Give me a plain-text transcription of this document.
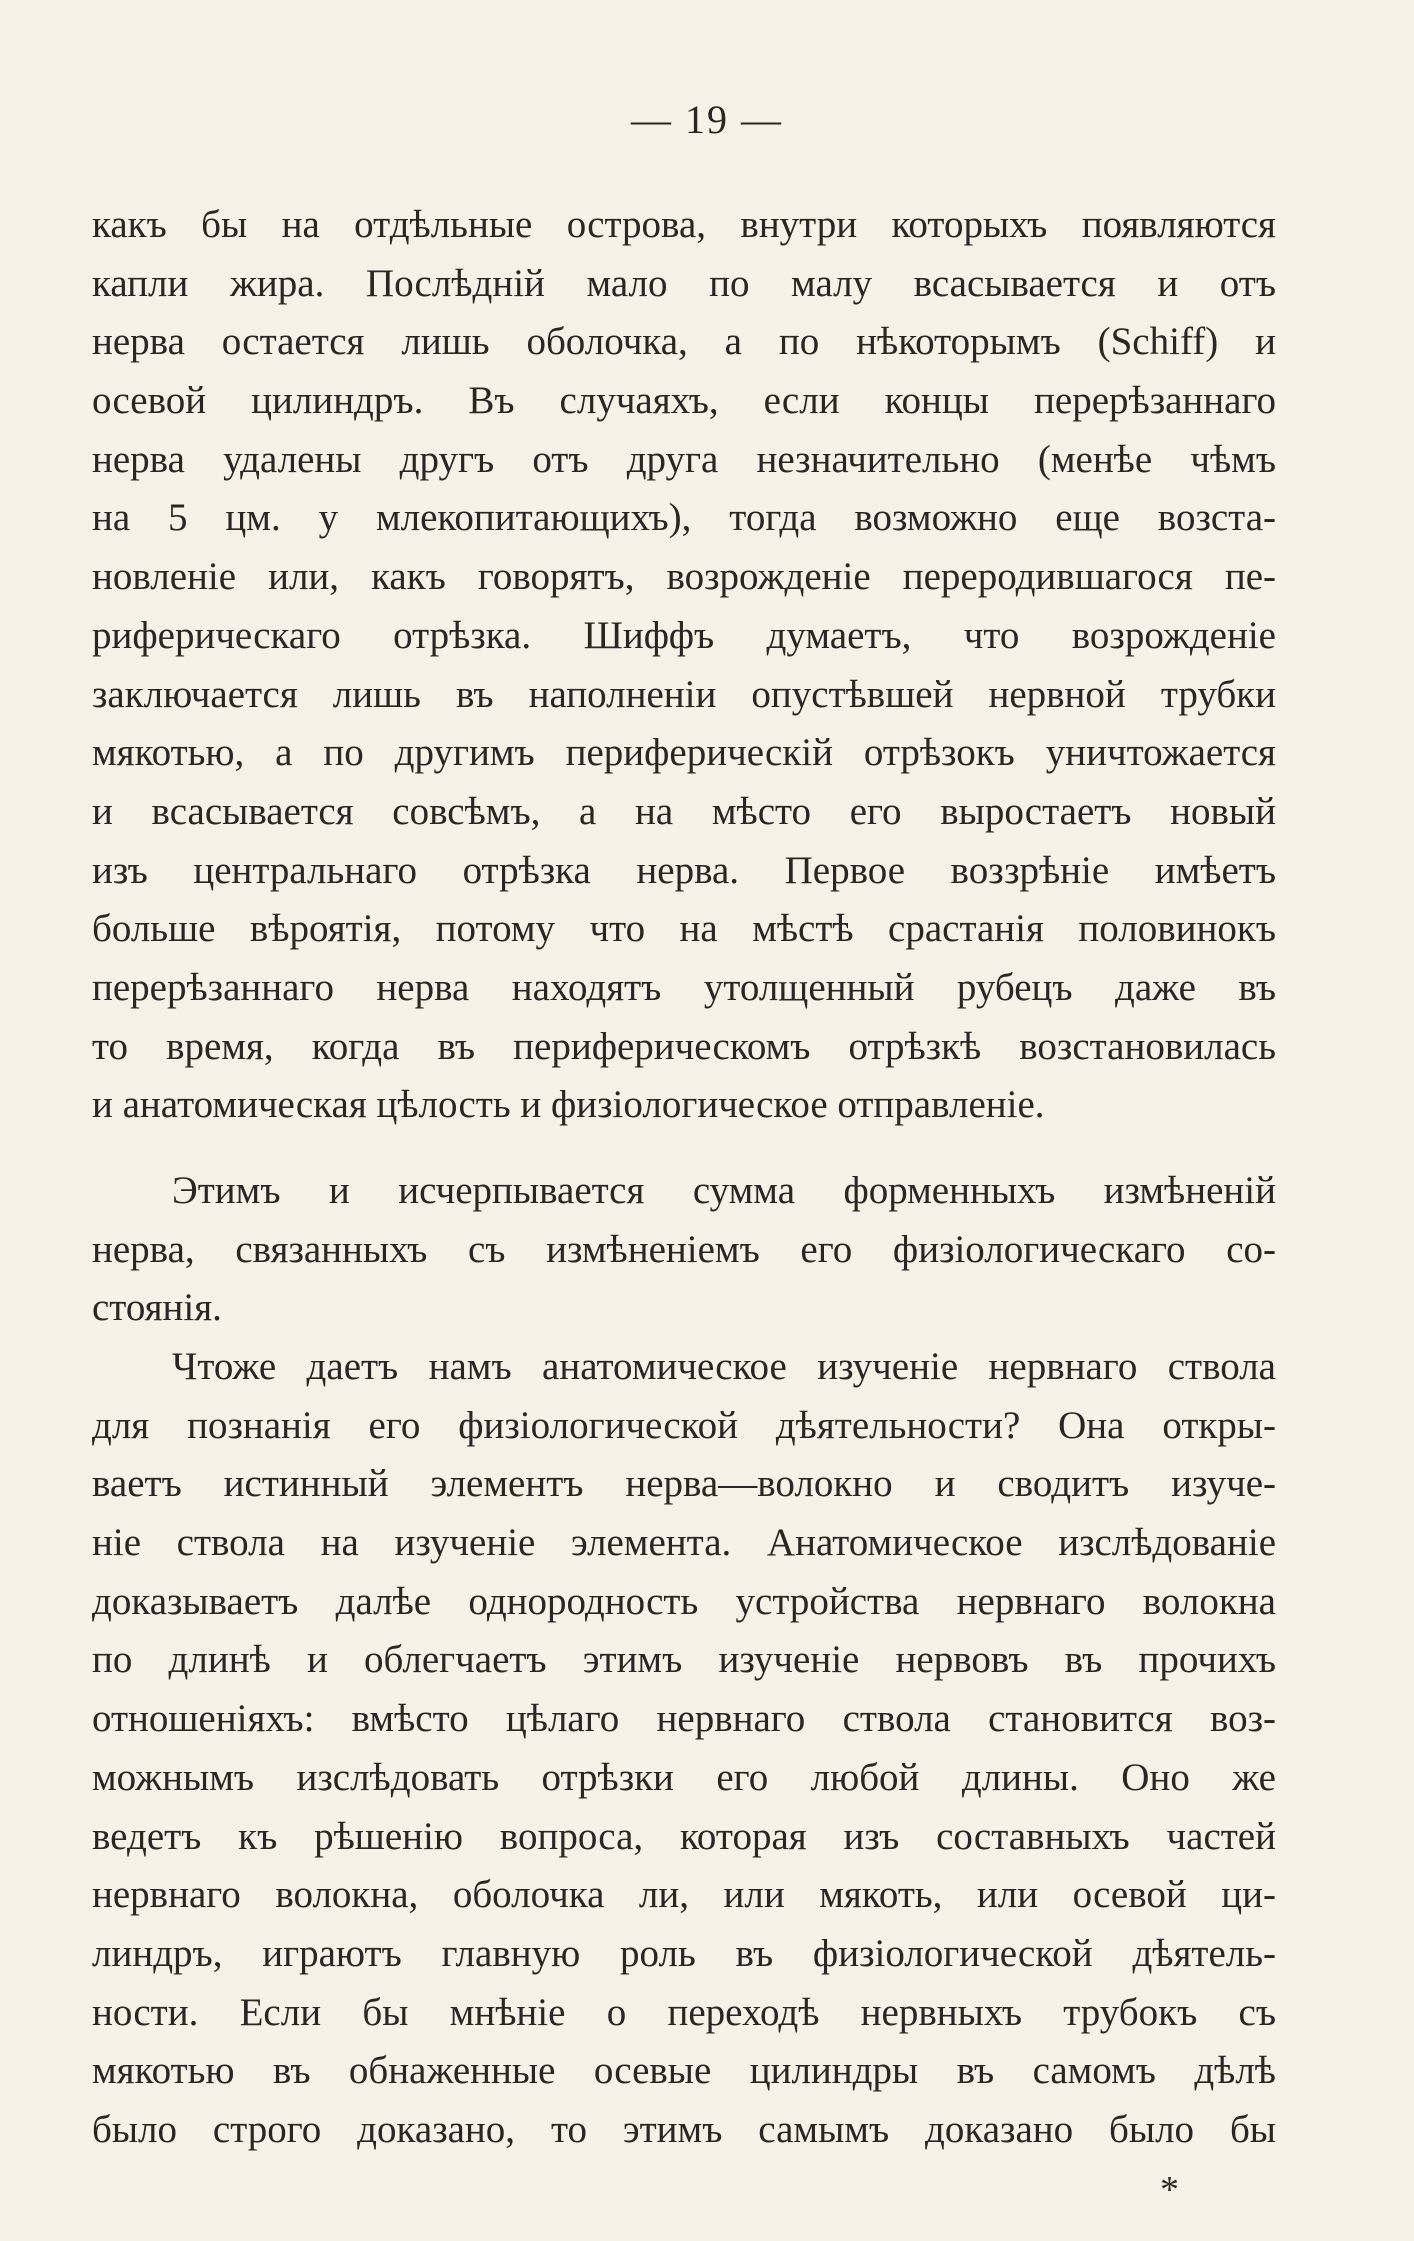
— 19 —
какъ бы на отдѣльные острова, внутри которыхъ появляются
капли жира. Послѣдній мало по малу всасывается и отъ
нерва остается лишь оболочка, а по нѣкоторымъ (Schiff) и
осевой цилиндръ. Въ случаяхъ, если концы перерѣзаннаго
нерва удалены другъ отъ друга незначительно (менѣе чѣмъ
на 5 цм. у млекопитающихъ), тогда возможно еще возста-
новленіе или, какъ говорятъ, возрожденіе переродившагося пе-
риферическаго отрѣзка. Шиффъ думаетъ, что возрожденіе
заключается лишь въ наполненіи опустѣвшей нервной трубки
мякотью, а по другимъ периферическій отрѣзокъ уничтожается
и всасывается совсѣмъ, а на мѣсто его выростаетъ новый
изъ центральнаго отрѣзка нерва. Первое воззрѣніе имѣетъ
больше вѣроятія, потому что на мѣстѣ срастанія половинокъ
перерѣзаннаго нерва находятъ утолщенный рубецъ даже въ
то время, когда въ периферическомъ отрѣзкѣ возстановилась
и анатомическая цѣлость и физіологическое отправленіе.
Этимъ и исчерпывается сумма форменныхъ измѣненій
нерва, связанныхъ съ измѣненіемъ его физіологическаго со-
стоянія.
Чтоже даетъ намъ анатомическое изученіе нервнаго ствола
для познанія его физіологической дѣятельности? Она откры-
ваетъ истинный элементъ нерва—волокно и сводитъ изуче-
ніе ствола на изученіе элемента. Анатомическое изслѣдованіе
доказываетъ далѣе однородность устройства нервнаго волокна
по длинѣ и облегчаетъ этимъ изученіе нервовъ въ прочихъ
отношеніяхъ: вмѣсто цѣлаго нервнаго ствола становится воз-
можнымъ изслѣдовать отрѣзки его любой длины. Оно же
ведетъ къ рѣшенію вопроса, которая изъ составныхъ частей
нервнаго волокна, оболочка ли, или мякоть, или осевой ци-
линдръ, играютъ главную роль въ физіологической дѣятель-
ности. Если бы мнѣніе о переходѣ нервныхъ трубокъ съ
мякотью въ обнаженные осевые цилиндры въ самомъ дѣлѣ
было строго доказано, то этимъ самымъ доказано было бы
*
